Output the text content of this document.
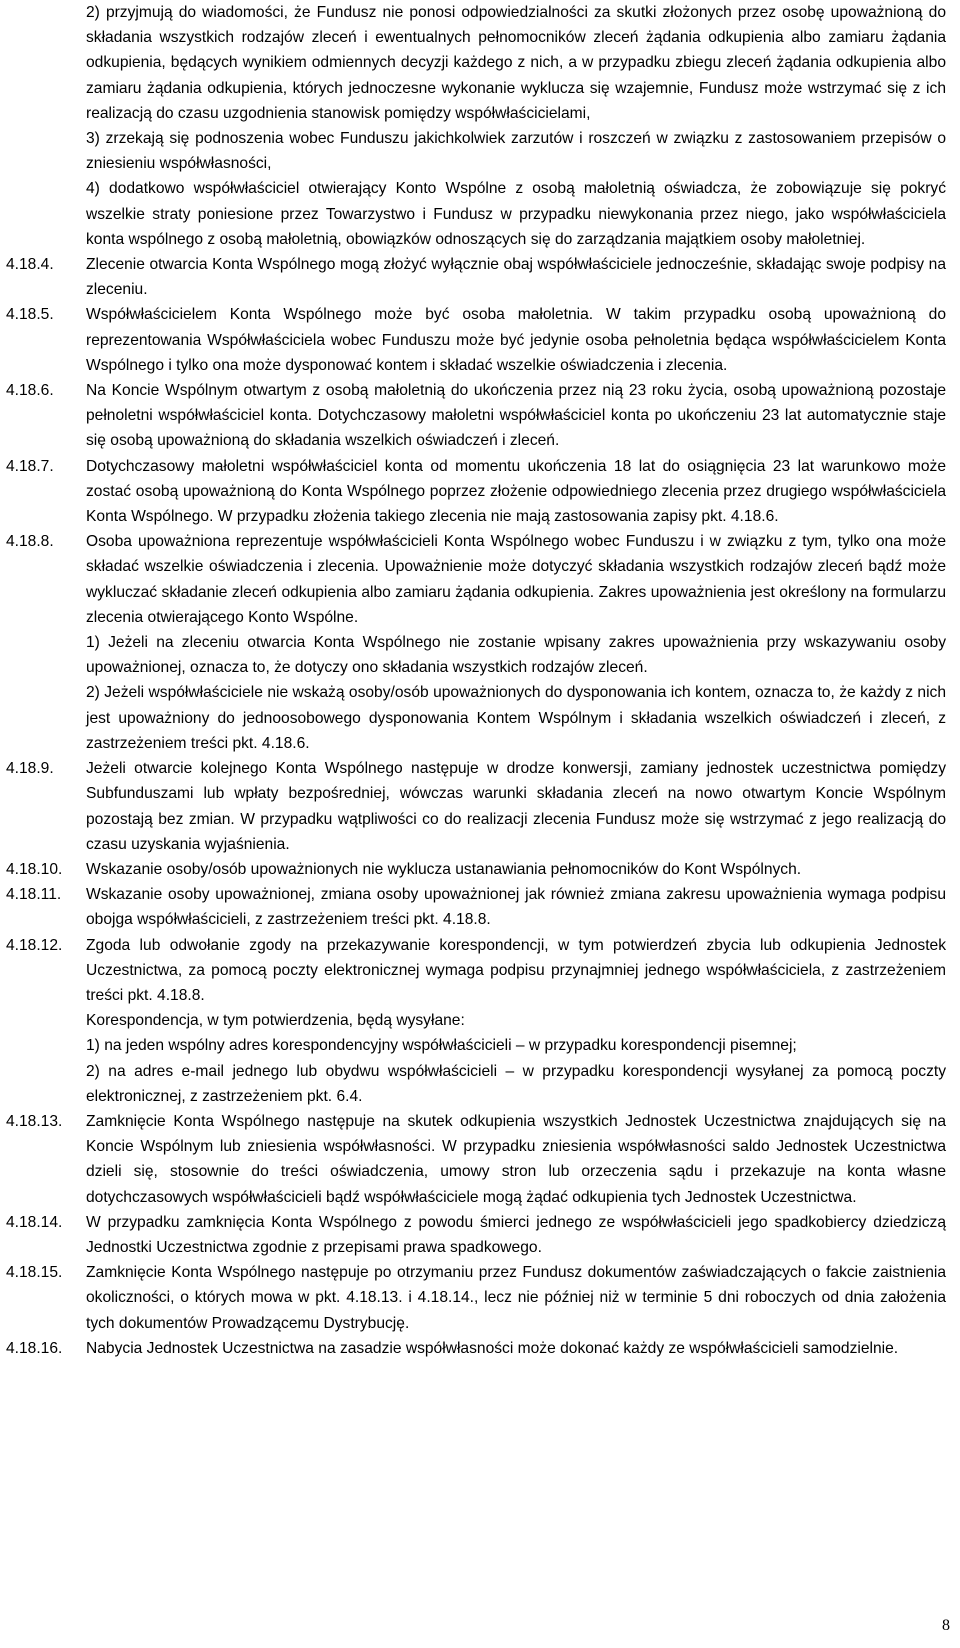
2) przyjmują do wiadomości, że Fundusz nie ponosi odpowiedzialności za skutki złożonych przez osobę upoważnioną do składania wszystkich rodzajów zleceń i ewentualnych pełnomocników zleceń żądania odkupienia albo zamiaru żądania odkupienia, będących wynikiem odmiennych decyzji każdego z nich, a w przypadku zbiegu zleceń żądania odkupienia albo zamiaru żądania odkupienia, których jednoczesne wykonanie wyklucza się wzajemnie, Fundusz może wstrzymać się z ich realizacją do czasu uzgodnienia stanowisk pomiędzy współwłaścicielami,

3) zrzekają się podnoszenia wobec Funduszu jakichkolwiek zarzutów i roszczeń w związku z zastosowaniem przepisów o zniesieniu współwłasności,

4) dodatkowo współwłaściciel otwierający Konto Wspólne z osobą małoletnią oświadcza, że zobowiązuje się pokryć wszelkie straty poniesione przez Towarzystwo i Fundusz w przypadku niewykonania przez niego, jako współwłaściciela konta wspólnego z osobą małoletnią, obowiązków odnoszących się do zarządzania majątkiem osoby małoletniej.

4.18.4.	Zlecenie otwarcia Konta Wspólnego mogą złożyć wyłącznie obaj współwłaściciele jednocześnie, składając swoje podpisy na zleceniu.

4.18.5.	Współwłaścicielem Konta Wspólnego może być osoba małoletnia. W takim przypadku osobą upoważnioną do reprezentowania Współwłaściciela wobec Funduszu może być jedynie osoba pełnoletnia będąca współwłaścicielem Konta Wspólnego i tylko ona może dysponować kontem i składać wszelkie oświadczenia i zlecenia.

4.18.6.	Na Koncie Wspólnym otwartym z osobą małoletnią do ukończenia przez nią 23 roku życia, osobą upoważnioną pozostaje pełnoletni współwłaściciel konta. Dotychczasowy małoletni współwłaściciel konta po ukończeniu 23 lat automatycznie staje się osobą upoważnioną do składania wszelkich oświadczeń i zleceń.

4.18.7.	Dotychczasowy małoletni współwłaściciel konta od momentu ukończenia 18 lat do osiągnięcia 23 lat warunkowo może zostać osobą upoważnioną do Konta Wspólnego poprzez złożenie odpowiedniego zlecenia przez drugiego współwłaściciela Konta Wspólnego. W przypadku złożenia takiego zlecenia nie mają zastosowania zapisy pkt. 4.18.6.

4.18.8.	Osoba upoważniona reprezentuje współwłaścicieli Konta Wspólnego wobec Funduszu i w związku z tym, tylko ona może składać wszelkie oświadczenia i zlecenia. Upoważnienie może dotyczyć składania wszystkich rodzajów zleceń bądź może wykluczać składanie zleceń odkupienia albo zamiaru żądania odkupienia. Zakres upoważnienia jest określony na formularzu zlecenia otwierającego Konto Wspólne.

1) Jeżeli na zleceniu otwarcia Konta Wspólnego nie zostanie wpisany zakres upoważnienia przy wskazywaniu osoby upoważnionej, oznacza to, że dotyczy ono składania wszystkich rodzajów zleceń.

2) Jeżeli współwłaściciele nie wskażą osoby/osób upoważnionych do dysponowania ich kontem, oznacza to, że każdy z nich jest upoważniony do jednoosobowego dysponowania Kontem Wspólnym i składania wszelkich oświadczeń i zleceń, z zastrzeżeniem treści pkt. 4.18.6.

4.18.9.	Jeżeli otwarcie kolejnego Konta Wspólnego następuje w drodze konwersji, zamiany jednostek uczestnictwa pomiędzy Subfunduszami lub wpłaty bezpośredniej, wówczas warunki składania zleceń na nowo otwartym Koncie Wspólnym pozostają bez zmian. W przypadku wątpliwości co do realizacji zlecenia Fundusz może się wstrzymać z jego realizacją do czasu uzyskania wyjaśnienia.

4.18.10.	Wskazanie osoby/osób upoważnionych nie wyklucza ustanawiania pełnomocników do Kont Wspólnych.

4.18.11.	Wskazanie osoby upoważnionej, zmiana osoby upoważnionej jak również zmiana zakresu upoważnienia wymaga podpisu obojga współwłaścicieli, z zastrzeżeniem treści pkt. 4.18.8.

4.18.12.	Zgoda lub odwołanie zgody na przekazywanie korespondencji, w tym potwierdzeń zbycia lub odkupienia Jednostek Uczestnictwa, za pomocą poczty elektronicznej wymaga podpisu przynajmniej jednego współwłaściciela, z zastrzeżeniem treści pkt. 4.18.8.

Korespondencja, w tym potwierdzenia, będą wysyłane:

1) na jeden wspólny adres korespondencyjny współwłaścicieli – w przypadku korespondencji pisemnej;

2) na adres e-mail jednego lub obydwu współwłaścicieli – w przypadku korespondencji wysyłanej za pomocą poczty elektronicznej, z zastrzeżeniem pkt. 6.4.

4.18.13.	Zamknięcie Konta Wspólnego następuje na skutek odkupienia wszystkich Jednostek Uczestnictwa znajdujących się na Koncie Wspólnym lub zniesienia współwłasności. W przypadku zniesienia współwłasności saldo Jednostek Uczestnictwa dzieli się, stosownie do treści oświadczenia, umowy stron lub orzeczenia sądu i przekazuje na konta własne dotychczasowych współwłaścicieli bądź współwłaściciele mogą żądać odkupienia tych Jednostek Uczestnictwa.

4.18.14.	W przypadku zamknięcia Konta Wspólnego z powodu śmierci jednego ze współwłaścicieli jego spadkobiercy dziedziczą Jednostki Uczestnictwa zgodnie z przepisami prawa spadkowego.

4.18.15.	Zamknięcie Konta Wspólnego następuje po otrzymaniu przez Fundusz dokumentów zaświadczających o fakcie zaistnienia okoliczności, o których mowa w pkt. 4.18.13. i 4.18.14., lecz nie później niż w terminie 5 dni roboczych od dnia założenia tych dokumentów Prowadzącemu Dystrybucję.

4.18.16.	Nabycia Jednostek Uczestnictwa na zasadzie współwłasności może dokonać każdy ze współwłaścicieli samodzielnie.

8
